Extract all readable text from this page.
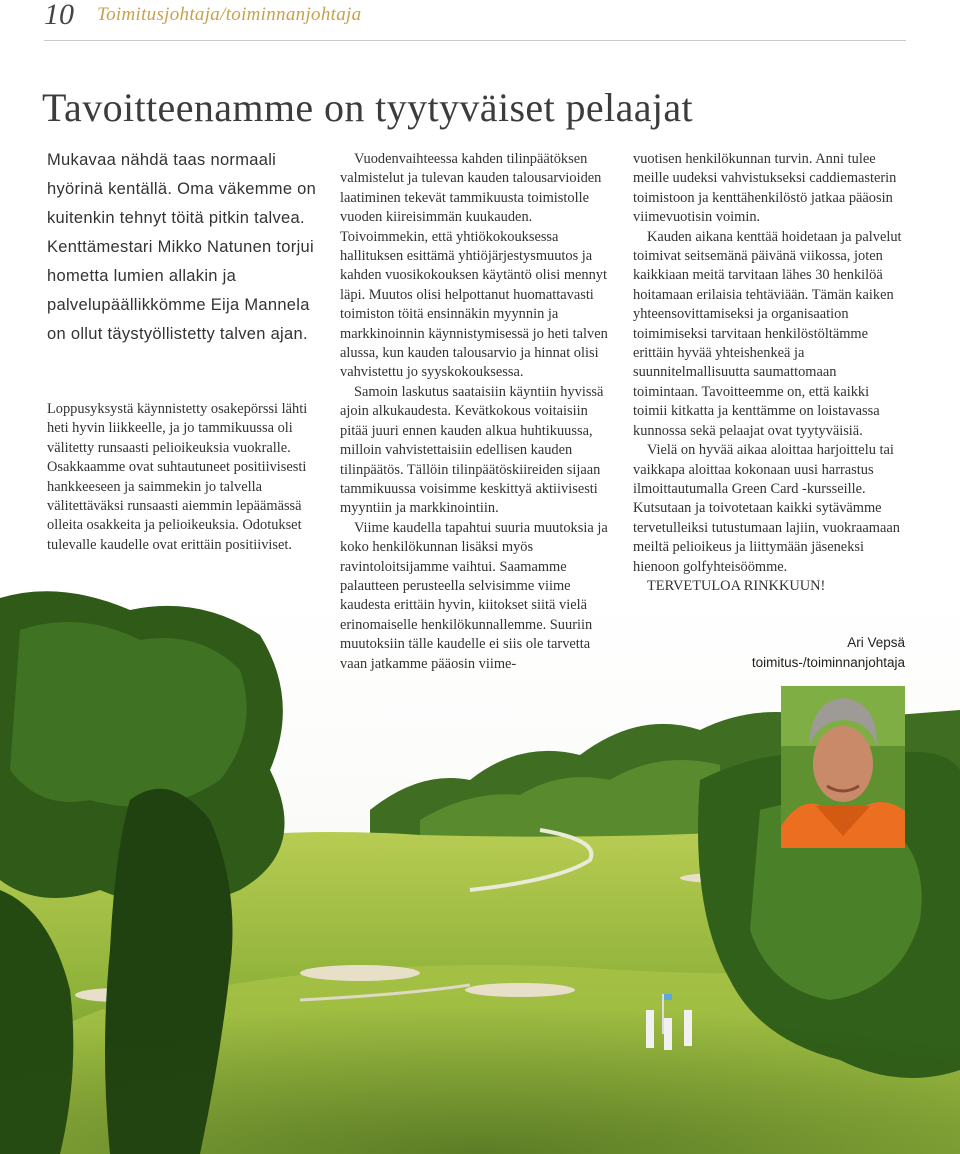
10 Toimitusjohtaja/toiminnanjohtaja
Tavoitteenamme on tyytyväiset pelaajat

Mukavaa nähdä taas normaali hyörinä kentällä. Oma väkemme on kuitenkin tehnyt töitä pitkin talvea. Kenttämestari Mikko Natunen torjui hometta lumien allakin ja palvelupäällikkömme Eija Mannela on ollut täystyöllistetty talven ajan.

Loppusyksystä käynnistetty osakepörssi lähti heti hyvin liikkeelle, ja jo tammikuussa oli välitetty runsaasti pelioikeuksia vuokralle. Osakkaamme ovat suhtautuneet positiivisesti hankkeeseen ja saimmekin jo talvella välitettäväksi runsaasti aiemmin lepäämässä olleita osakkeita ja pelioikeuksia. Odotukset tulevalle kaudelle ovat erittäin positiiviset.

Vuodenvaihteessa kahden tilinpäätöksen valmistelut ja tulevan kauden talousarvioiden laatiminen tekevät tammikuusta toimistolle vuoden kiireisimmän kuukauden. Toivoimmekin, että yhtiökokouksessa hallituksen esittämä yhtiöjärjestysmuutos ja kahden vuosikokouksen käytäntö olisi mennyt läpi. Muutos olisi helpottanut huomattavasti toimiston töitä ensinnäkin myynnin ja markkinoinnin käynnistymisessä jo heti talven alussa, kun kauden talousarvio ja hinnat olisi vahvistettu jo syyskokouksessa.

Samoin laskutus saataisiin käyntiin hyvissä ajoin alkukaudesta. Kevätkokous voitaisiin pitää juuri ennen kauden alkua huhtikuussa, milloin vahvistettaisiin edellisen kauden tilinpäätös. Tällöin tilinpäätöskiireiden sijaan tammikuussa voisimme keskittyä aktiivisesti myyntiin ja markkinointiin.

Viime kaudella tapahtui suuria muutoksia ja koko henkilökunnan lisäksi myös ravintoloitsijamme vaihtui. Saamamme palautteen perusteella selvisimme viime kaudesta erittäin hyvin, kiitokset siitä vielä erinomaiselle henkilökunnallemme. Suuriin muutoksiin tälle kaudelle ei siis ole tarvetta vaan jatkamme pääosin viime-

vuotisen henkilökunnan turvin. Anni tulee meille uudeksi vahvistukseksi caddiemasterin toimistoon ja kenttähenkilöstö jatkaa pääosin viimevuotisin voimin.

Kauden aikana kenttää hoidetaan ja palvelut toimivat seitsemänä päivänä viikossa, joten kaikkiaan meitä tarvitaan lähes 30 henkilöä hoitamaan erilaisia tehtäviään. Tämän kaiken yhteensovittamiseksi ja organisaation toimimiseksi tarvitaan henkilöstöltämme erittäin hyvää yhteishenkeä ja suunnitelmallisuutta saumattomaan toimintaan. Tavoitteemme on, että kaikki toimii kitkatta ja kenttämme on loistavassa kunnossa sekä pelaajat ovat tyytyväisiä.

Vielä on hyvää aikaa aloittaa harjoittelu tai vaikkapa aloittaa kokonaan uusi harrastus ilmoittautumalla Green Card -kursseille. Kutsutaan ja toivotetaan kaikki sytävämme tervetulleiksi tutustumaan lajiin, vuokraamaan meiltä pelioikeus ja liittymään jäseneksi hienoon golfyhteisöömme.

TERVETULOA RINKKUUN!

Ari Vepsä
toimitus-/toiminnanjohtaja
